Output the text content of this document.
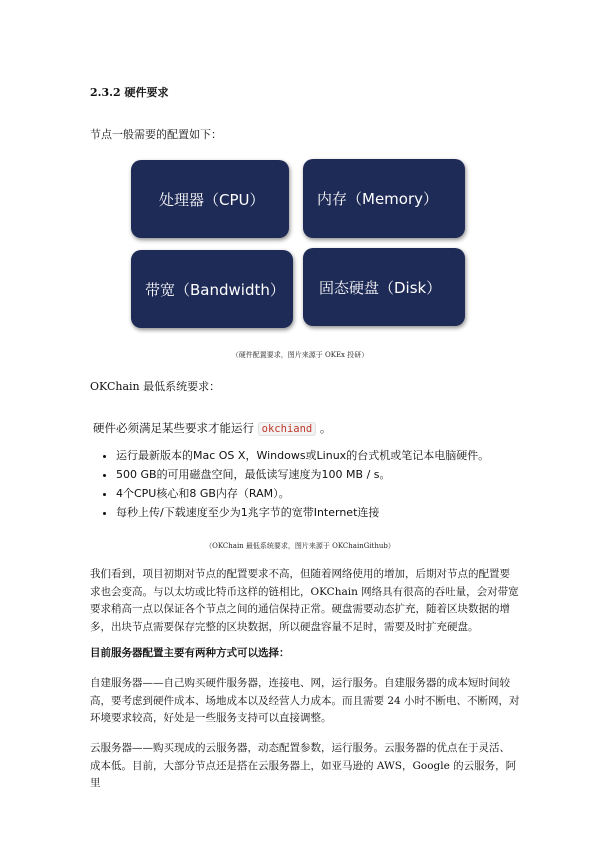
2.3.2 硬件要求
节点一般需要的配置如下：
处理器（CPU）	内存（Memory）
带宽（Bandwidth）	固态硬盘（Disk）
（硬件配置要求，图片来源于 OKEx 投研）
OKChain 最低系统要求：
硬件必须满足某些要求才能运行 okchiand 。
• 运行最新版本的Mac OS X，Windows或Linux的台式机或笔记本电脑硬件。
• 500 GB的可用磁盘空间，最低读写速度为100 MB / s。
• 4个CPU核心和8 GB内存（RAM）。
• 每秒上传/下载速度至少为1兆字节的宽带Internet连接
（OKChain 最低系统要求，图片来源于 OKChainGithub）
我们看到，项目初期对节点的配置要求不高，但随着网络使用的增加，后期对节点的配置要求也会变高。与以太坊或比特币这样的链相比，OKChain 网络具有很高的吞吐量，会对带宽要求稍高一点以保证各个节点之间的通信保持正常。硬盘需要动态扩充，随着区块数据的增多，出块节点需要保存完整的区块数据，所以硬盘容量不足时，需要及时扩充硬盘。
目前服务器配置主要有两种方式可以选择：
自建服务器——自己购买硬件服务器，连接电、网，运行服务。自建服务器的成本短时间较高，要考虑到硬件成本、场地成本以及经营人力成本。而且需要 24 小时不断电、不断网，对环境要求较高，好处是一些服务支持可以直接调整。
云服务器——购买现成的云服务器，动态配置参数，运行服务。云服务器的优点在于灵活、成本低。目前，大部分节点还是搭在云服务器上，如亚马逊的 AWS，Google 的云服务，阿里
